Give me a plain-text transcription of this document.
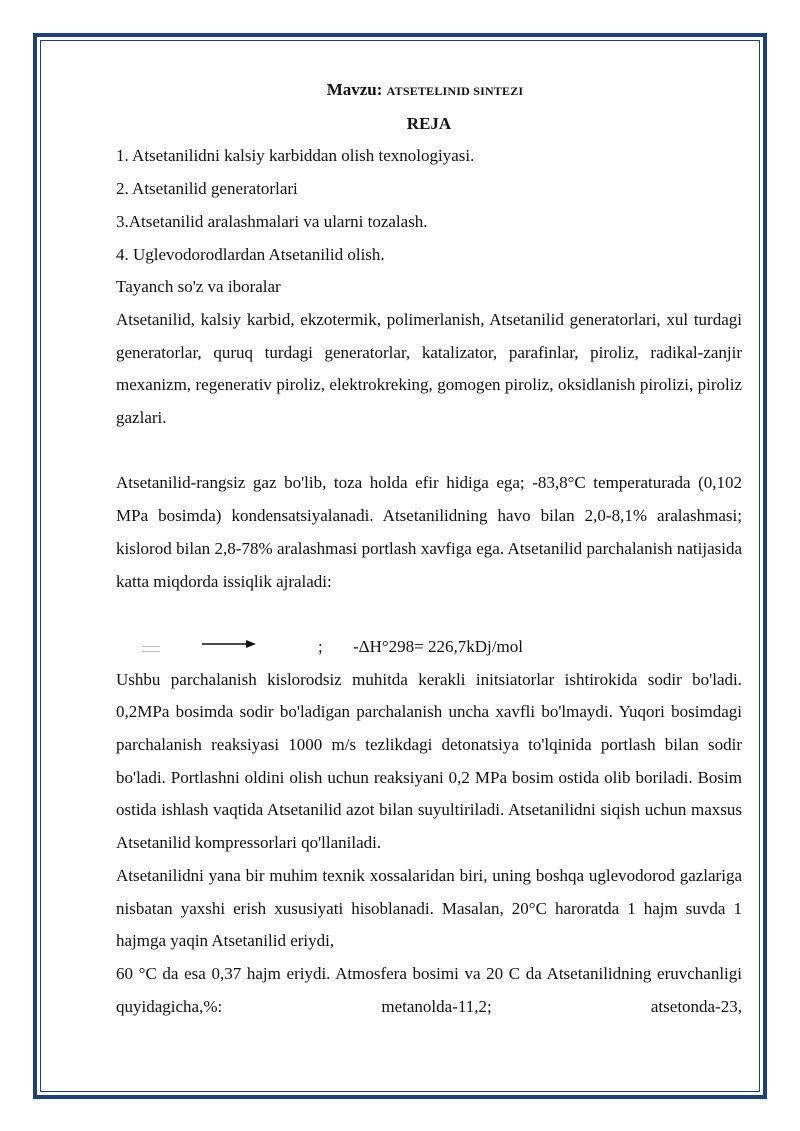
Mavzu: ATSETELINID SINTEZI
REJA

1. Atsetanilidni kalsiy karbiddan olish texnologiyasi.

2. Atsetanilid generatorlari

3.Atsetanilid aralashmalari va ularni tozalash.

4. Uglevodorodlardan Atsetanilid olish.

Tayanch so'z va iboralar

Atsetanilid, kalsiy karbid, ekzotermik, polimerlanish, Atsetanilid generatorlari, xul turdagi generatorlar, quruq turdagi generatorlar, katalizator, parafinlar, piroliz, radikal-zanjir mexanizm, regenerativ piroliz, elektrokreking, gomogen piroliz, oksidlanish pirolizi, piroliz gazlari.

Atsetanilid-rangsiz gaz bo'lib, toza holda efir hidiga ega; -83,8°C temperaturada (0,102 MPa bosimda) kondensatsiyalanadi. Atsetanilidning havo bilan 2,0-8,1% aralashmasi; kislorod bilan 2,8-78% aralashmasi portlash xavfiga ega. Atsetanilid parchalanish natijasida katta miqdorda issiqlik ajraladi:

; -ΔH°298= 226,7kDj/mol

Ushbu parchalanish kislorodsiz muhitda kerakli initsiatorlar ishtirokida sodir bo'ladi. 0,2MPa bosimda sodir bo'ladigan parchalanish uncha xavfli bo'lmaydi. Yuqori bosimdagi parchalanish reaksiyasi 1000 m/s tezlikdagi detonatsiya to'lqinida portlash bilan sodir bo'ladi. Portlashni oldini olish uchun reaksiyani 0,2 MPa bosim ostida olib boriladi. Bosim ostida ishlash vaqtida Atsetanilid azot bilan suyultiriladi. Atsetanilidni siqish uchun maxsus Atsetanilid kompressorlari qo'llaniladi.

Atsetanilidni yana bir muhim texnik xossalaridan biri, uning boshqa uglevodorod gazlariga nisbatan yaxshi erish xususiyati hisoblanadi. Masalan, 20°C haroratda 1 hajm suvda 1 hajmga yaqin Atsetanilid eriydi,

60 °C da esa 0,37 hajm eriydi. Atmosfera bosimi va 20 C da Atsetanilidning eruvchanligi quyidagicha,%: metanolda-11,2; atsetonda-23,
